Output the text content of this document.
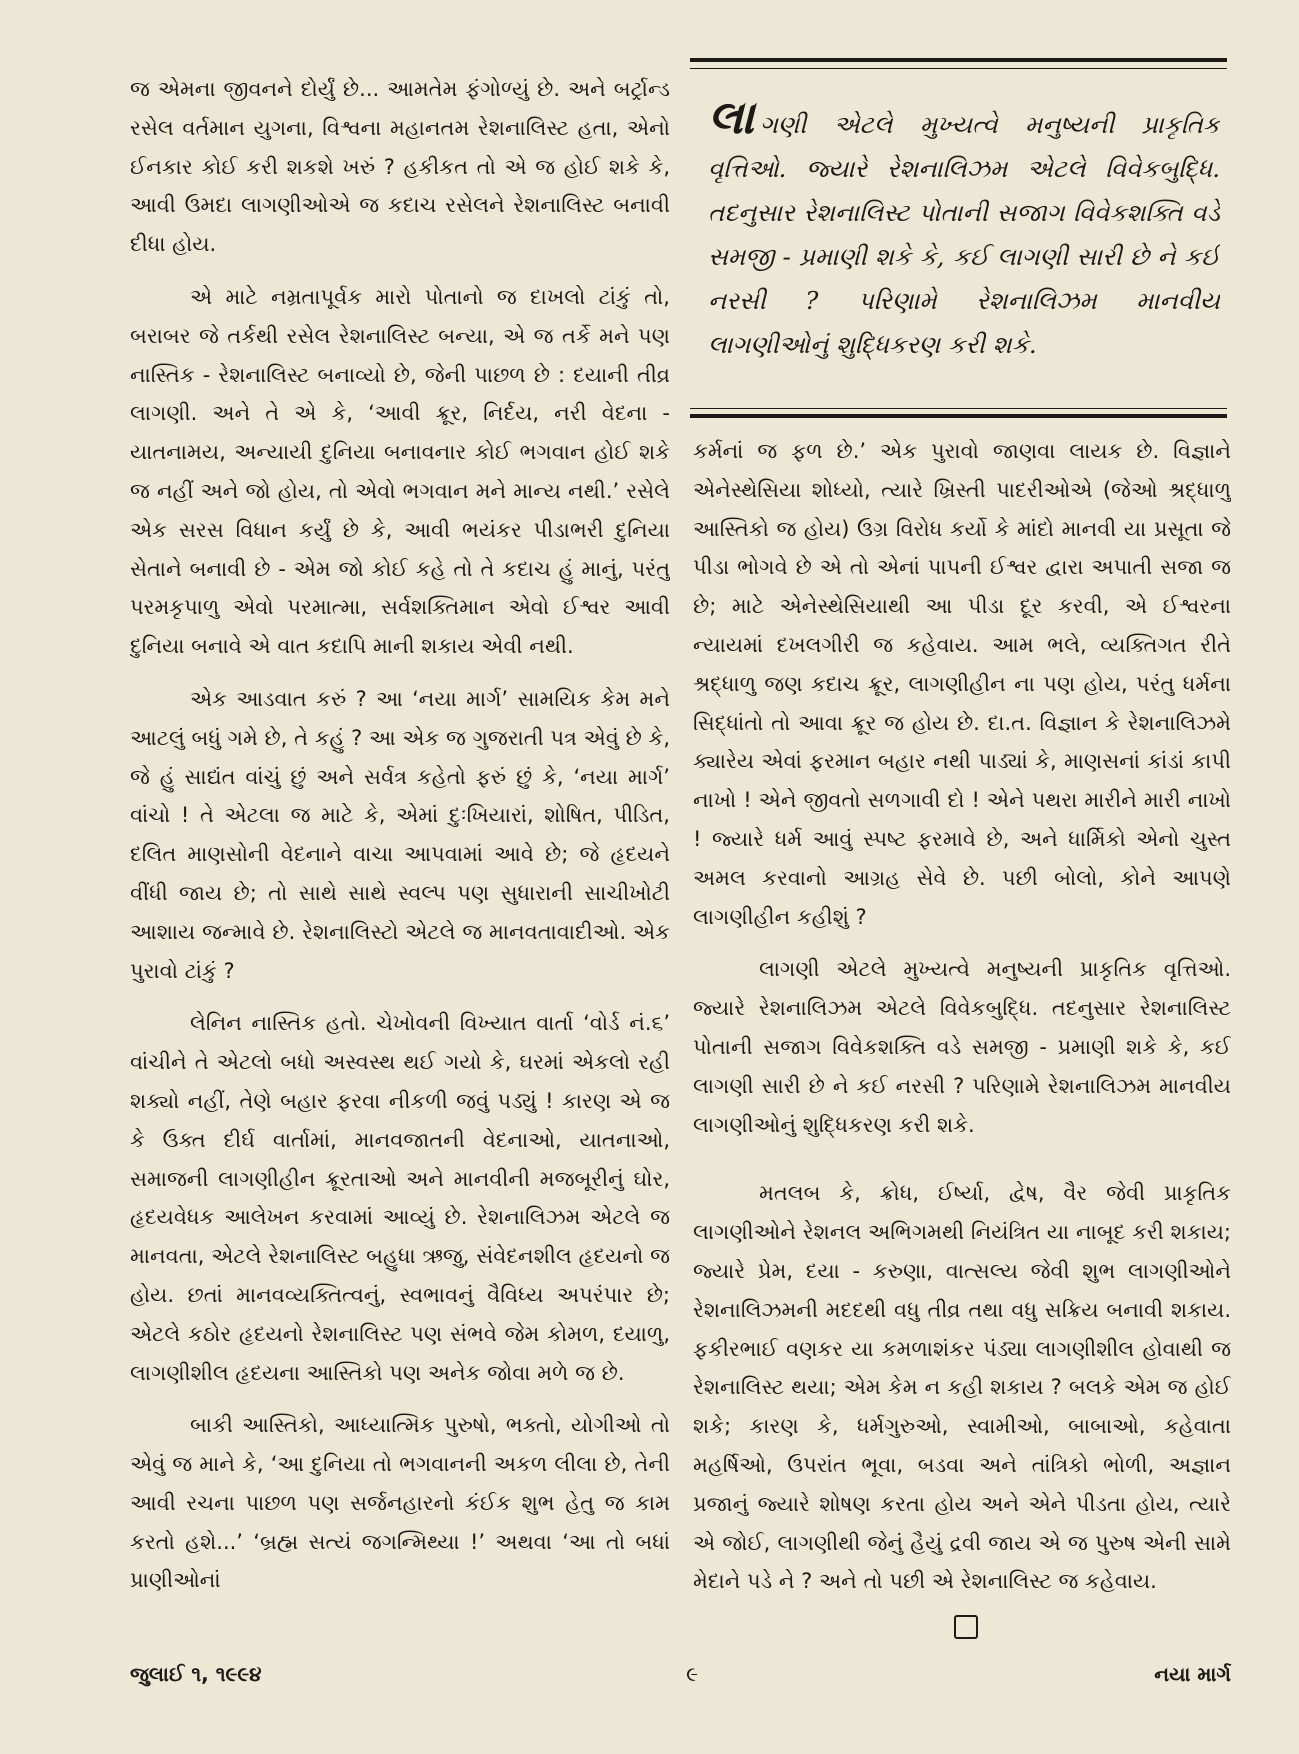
જ એમના જીવનને દોર્યું છે... આમતેમ ફંગોળ્યું છે. અને બર્ટ્રાન્ડ રસેલ વર્તમાન યુગના, વિશ્વના મહાનતમ રેશનાલિસ્ટ હતા, એનો ઈનકાર કોઈ કરી શકશે ખરું ? હકીકત તો એ જ હોઈ શકે કે, આવી ઉમદા લાગણીઓએ જ કદાચ રસેલને રેશનાલિસ્ટ બનાવી દીધા હોય.

એ માટે નમ્રતાપૂર્વક મારો પોતાનો જ દાખલો ટાંકું તો, બરાબર જે તર્કથી રસેલ રેશનાલિસ્ટ બન્યા, એ જ તર્કે મને પણ નાસ્તિક - રેશનાલિસ્ટ બનાવ્યો છે, જેની પાછળ છે : દયાની તીવ્ર લાગણી. અને તે એ કે, ‘આવી ક્રૂર, નિર્દય, નરી વેદના - યાતનામય, અન્યાયી દુનિયા બનાવનાર કોઈ ભગવાન હોઈ શકે જ નહીં અને જો હોય, તો એવો ભગવાન મને માન્ય નથી.’ રસેલે એક સરસ વિધાન કર્યું છે કે, આવી ભયંકર પીડાભરી દુનિયા સેતાને બનાવી છે - એમ જો કોઈ કહે તો તે કદાચ હું માનું, પરંતુ પરમકૃપાળુ એવો પરમાત્મા, સર્વશક્તિમાન એવો ઈશ્વર આવી દુનિયા બનાવે એ વાત કદાપિ માની શકાય એવી નથી.

એક આડવાત કરું ? આ ‘નયા માર્ગ’ સામયિક કેમ મને આટલું બધું ગમે છે, તે કહું ? આ એક જ ગુજરાતી પત્ર એવું છે કે, જે હું સાદ્યંત વાંચું છું અને સર્વત્ર કહેતો ફરું છું કે, ‘નયા માર્ગ’ વાંચો ! તે એટલા જ માટે કે, એમાં દુઃખિયારાં, શોષિત, પીડિત, દલિત માણસોની વેદનાને વાચા આપવામાં આવે છે; જે હૃદયને વીંધી જાય છે; તો સાથે સાથે સ્વલ્પ પણ સુધારાની સાચીખોટી આશાય જન્માવે છે. રેશનાલિસ્ટો એટલે જ માનવતાવાદીઓ. એક પુરાવો ટાંકું ?

લેનિન નાસ્તિક હતો. ચેખોવની વિખ્યાત વાર્તા ‘વોર્ડ નં.૬’ વાંચીને તે એટલો બધો અસ્વસ્થ થઈ ગયો કે, ઘરમાં એકલો રહી શક્યો નહીં, તેણે બહાર ફરવા નીકળી જવું પડ્યું ! કારણ એ જ કે ઉક્ત દીર્ઘ વાર્તામાં, માનવજાતની વેદનાઓ, યાતનાઓ, સમાજની લાગણીહીન ક્રૂરતાઓ અને માનવીની મજબૂરીનું ઘોર, હૃદયવેધક આલેખન કરવામાં આવ્યું છે. રેશનાલિઝમ એટલે જ માનવતા, એટલે રેશનાલિસ્ટ બહુધા ઋજુ, સંવેદનશીલ હૃદયનો જ હોય. છતાં માનવવ્યક્તિત્વનું, સ્વભાવનું વૈવિધ્ય અપરંપાર છે; એટલે કઠોર હૃદયનો રેશનાલિસ્ટ પણ સંભવે જેમ કોમળ, દયાળુ, લાગણીશીલ હૃદયના આસ્તિકો પણ અનેક જોવા મળે જ છે.

બાકી આસ્તિકો, આધ્યાત્મિક પુરુષો, ભક્તો, યોગીઓ તો એવું જ માને કે, ‘આ દુનિયા તો ભગવાનની અકળ લીલા છે, તેની આવી રચના પાછળ પણ સર્જનહારનો કંઈક શુભ હેતુ જ કામ કરતો હશે...’ ‘બ્રહ્મ સત્યં જગન્મિથ્યા !’ અથવા ‘આ તો બધાં પ્રાણીઓનાં

લાગણી એટલે મુખ્યત્વે મનુષ્યની પ્રાકૃતિક વૃત્તિઓ. જ્યારે રેશનાલિઝમ એટલે વિવેકબુદ્ધિ. તદનુસાર રેશનાલિસ્ટ પોતાની સજાગ વિવેકશક્તિ વડે સમજી - પ્રમાણી શકે કે, કઈ લાગણી સારી છે ને કઈ નરસી ? પરિણામે રેશનાલિઝમ માનવીય લાગણીઓનું શુદ્ધિકરણ કરી શકે.

કર્મનાં જ ફળ છે.’ એક પુરાવો જાણવા લાયક છે. વિજ્ઞાને એનેસ્થેસિયા શોધ્યો, ત્યારે ખ્રિસ્તી પાદરીઓએ (જેઓ શ્રદ્ધાળુ આસ્તિકો જ હોય) ઉગ્ર વિરોધ કર્યો કે માંદો માનવી યા પ્રસૂતા જે પીડા ભોગવે છે એ તો એનાં પાપની ઈશ્વર દ્વારા અપાતી સજા જ છે; માટે એનેસ્થેસિયાથી આ પીડા દૂર કરવી, એ ઈશ્વરના ન્યાયમાં દખલગીરી જ કહેવાય. આમ ભલે, વ્યક્તિગત રીતે શ્રદ્ધાળુ જણ કદાચ ક્રૂર, લાગણીહીન ના પણ હોય, પરંતુ ધર્મના સિદ્ધાંતો તો આવા ક્રૂર જ હોય છે. દા.ત. વિજ્ઞાન કે રેશનાલિઝમે ક્યારેય એવાં ફરમાન બહાર નથી પાડ્યાં કે, માણસનાં કાંડાં કાપી નાખો ! એને જીવતો સળગાવી દો ! એને પથરા મારીને મારી નાખો ! જ્યારે ધર્મ આવું સ્પષ્ટ ફરમાવે છે, અને ધાર્મિકો એનો ચુસ્ત અમલ કરવાનો આગ્રહ સેવે છે. પછી બોલો, કોને આપણે લાગણીહીન કહીશું ?

લાગણી એટલે મુખ્યત્વે મનુષ્યની પ્રાકૃતિક વૃત્તિઓ. જ્યારે રેશનાલિઝમ એટલે વિવેકબુદ્ધિ. તદનુસાર રેશનાલિસ્ટ પોતાની સજાગ વિવેકશક્તિ વડે સમજી - પ્રમાણી શકે કે, કઈ લાગણી સારી છે ને કઈ નરસી ? પરિણામે રેશનાલિઝમ માનવીય લાગણીઓનું શુદ્ધિકરણ કરી શકે.

મતલબ કે, ક્રોધ, ઈર્ષ્યા, દ્વેષ, વૈર જેવી પ્રાકૃતિક લાગણીઓને રેશનલ અભિગમથી નિયંત્રિત યા નાબૂદ કરી શકાય; જ્યારે પ્રેમ, દયા - કરુણા, વાત્સલ્ય જેવી શુભ લાગણીઓને રેશનાલિઝમની મદદથી વધુ તીવ્ર તથા વધુ સક્રિય બનાવી શકાય. ફકીરભાઈ વણકર યા કમળાશંકર પંડ્યા લાગણીશીલ હોવાથી જ રેશનાલિસ્ટ થયા; એમ કેમ ન કહી શકાય ? બલકે એમ જ હોઈ શકે; કારણ કે, ધર્મગુરુઓ, સ્વામીઓ, બાબાઓ, કહેવાતા મહર્ષિઓ, ઉપરાંત ભૂવા, બડવા અને તાંત્રિકો ભોળી, અજ્ઞાન પ્રજાનું જ્યારે શોષણ કરતા હોય અને એને પીડતા હોય, ત્યારે એ જોઈ, લાગણીથી જેનું હૈયું દ્રવી જાય એ જ પુરુષ એની સામે મેદાને પડે ને ? અને તો પછી એ રેશનાલિસ્ટ જ કહેવાય.

જુલાઈ ૧, ૧૯૯૪	૯	નયા માર્ગ
